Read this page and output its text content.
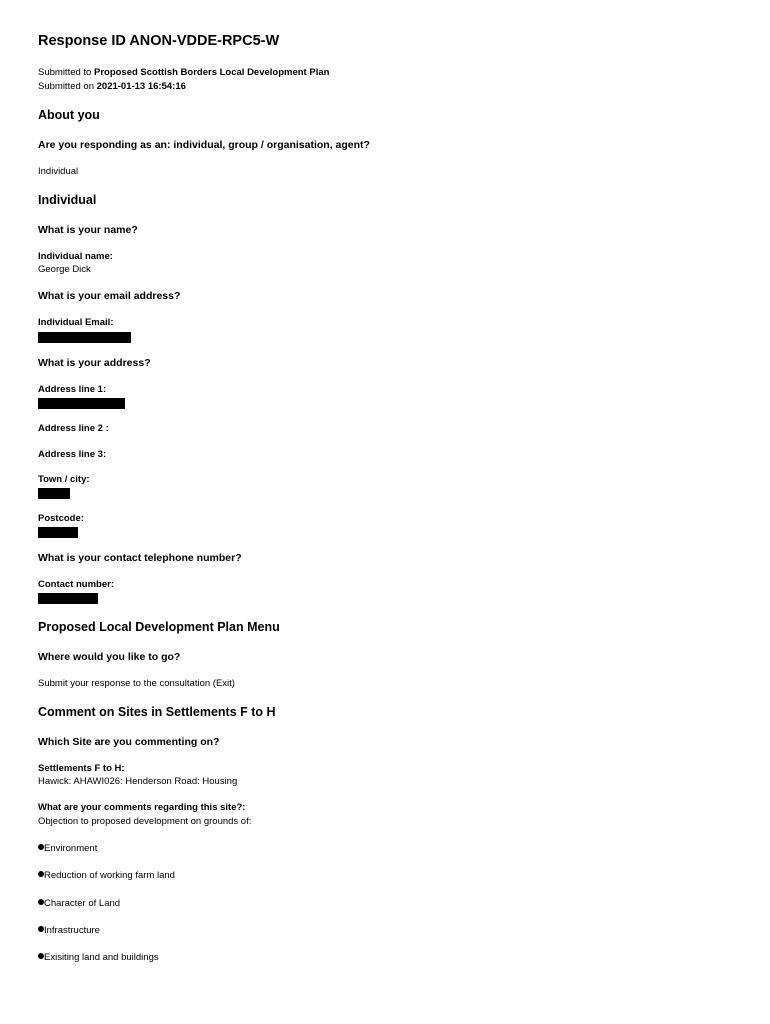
Response ID ANON-VDDE-RPC5-W
Submitted to Proposed Scottish Borders Local Development Plan
Submitted on 2021-01-13 16:54:16
About you
Are you responding as an: individual, group / organisation, agent?
Individual
Individual
What is your name?
Individual name:
George Dick
What is your email address?
Individual Email:
What is your address?
Address line 1:
Address line 2 :
Address line 3:
Town / city:
Postcode:
What is your contact telephone number?
Contact number:
Proposed Local Development Plan Menu
Where would you like to go?
Submit your response to the consultation (Exit)
Comment on Sites in Settlements F to H
Which Site are you commenting on?
Settlements F to H:
Hawick: AHAWI026: Henderson Road: Housing
What are your comments regarding this site?:
Objection to proposed development on grounds of:
Environment
Reduction of working farm land
Character of Land
Infrastructure
Exisiting land and buildings
